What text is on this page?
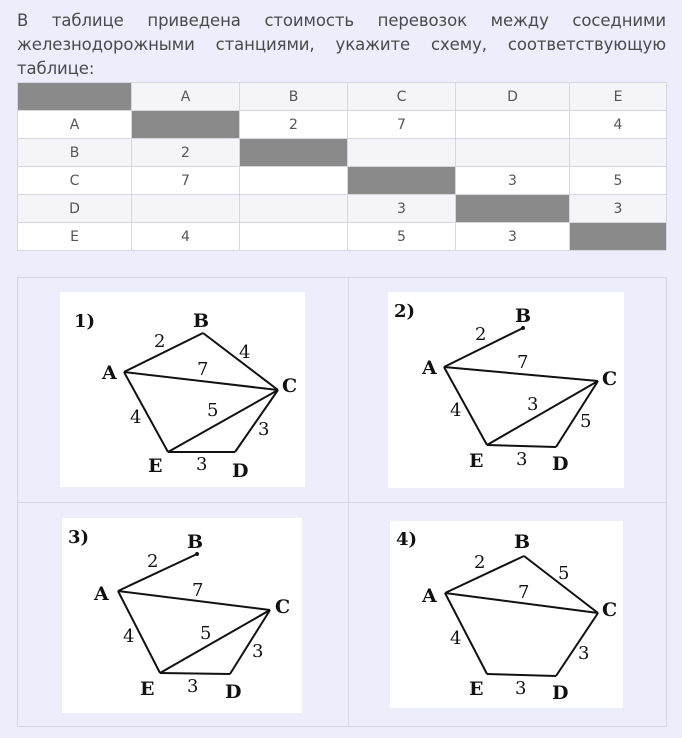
В таблице приведена стоимость перевозок между соседними железнодорожными станциями, укажите схему, соответствующую таблице:
	A	B	C	D	E
A		2	7		4
B	2				
C	7			3	5
D			3		3
E	4		5	3	
1)	B
A
C
E	D
2
4
7
4	5
3
3
2)	B
A	C
E	D
2
7
4	3
5
3
3)	B
A
C
E	D
2
7
4	5
3
3
4)	B
A
C
E	D
2
5
7
4
3
3
